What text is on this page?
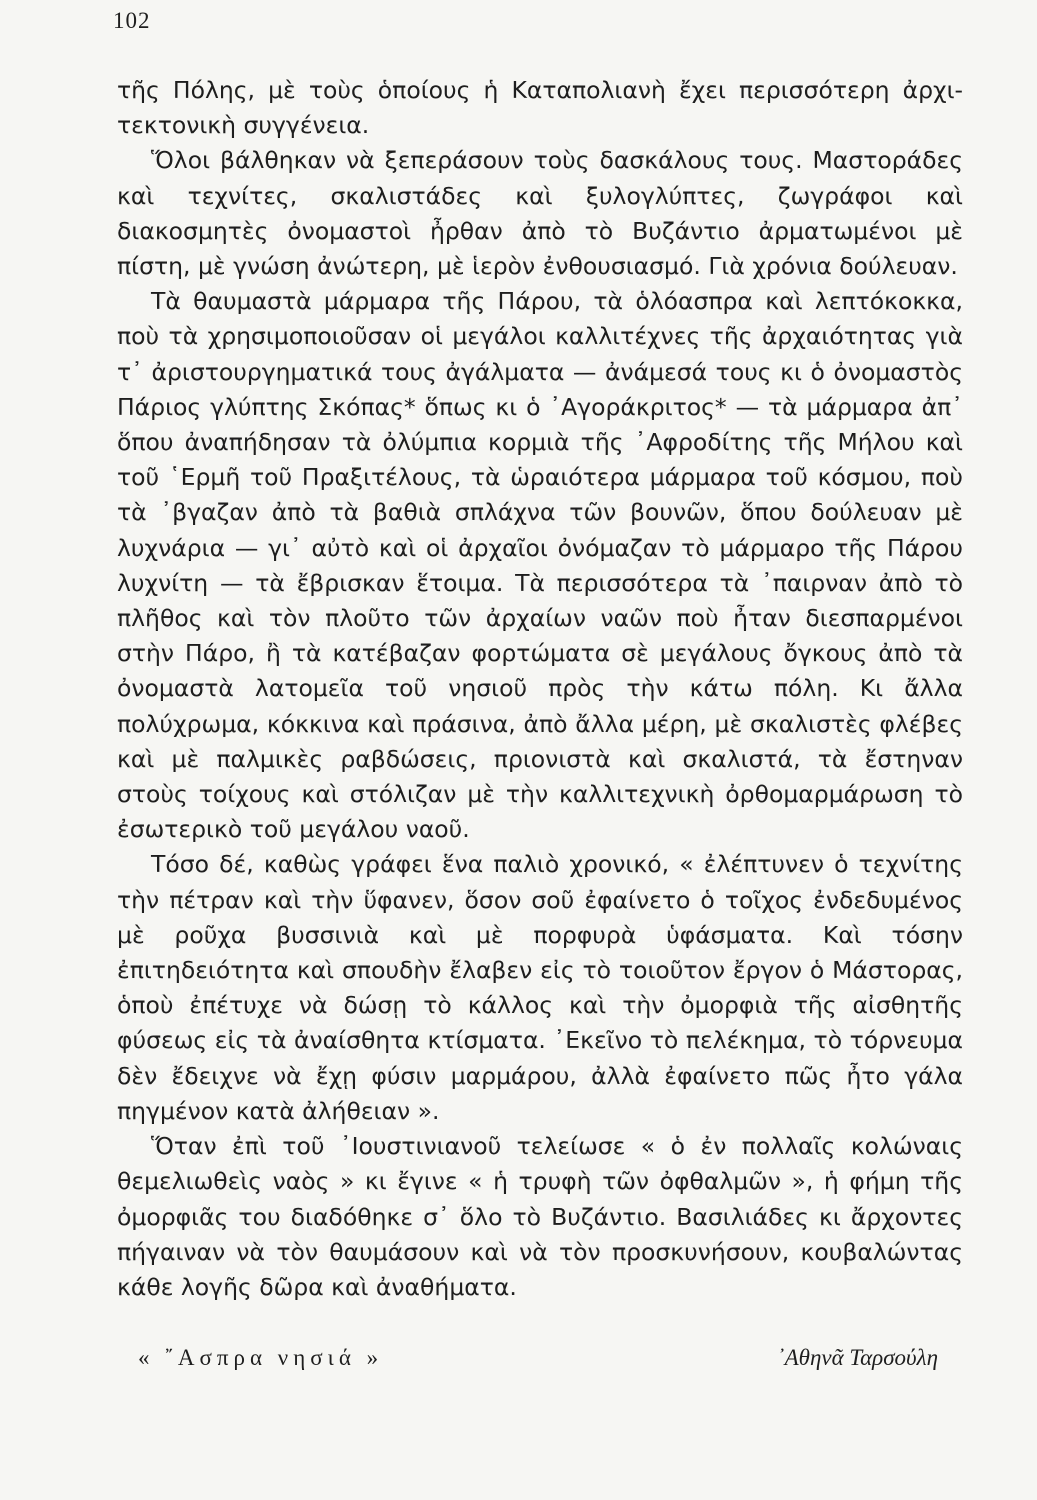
102

τῆς Πόλης, μὲ τοὺς ὁποίους ἡ Καταπολιανὴ ἔχει περισσότερη ἀρχι-τεκτονικὴ συγγένεια.

Ὅλοι βάλθηκαν νὰ ξεπεράσουν τοὺς δασκάλους τους. Μαστοράδες καὶ τεχνίτες, σκαλιστάδες καὶ ξυλογλύπτες, ζωγράφοι καὶ διακοσμητὲς ὀνομαστοὶ ἦρθαν ἀπὸ τὸ Βυζάντιο ἀρματωμένοι μὲ πίστη, μὲ γνώση ἀνώτερη, μὲ ἱερὸν ἐνθουσιασμό. Γιὰ χρόνια δούλευαν.

Τὰ θαυμαστὰ μάρμαρα τῆς Πάρου, τὰ ὁλόασπρα καὶ λεπτόκοκκα, ποὺ τὰ χρησιμοποιοῦσαν οἱ μεγάλοι καλλιτέχνες τῆς ἀρχαιότητας γιὰ τ᾿ ἀριστουργηματικά τους ἀγάλματα — ἀνάμεσά τους κι ὁ ὀνομαστὸς Πάριος γλύπτης Σκόπας* ὅπως κι ὁ ᾿Αγοράκριτος* — τὰ μάρμαρα ἀπ᾿ ὅπου ἀναπήδησαν τὰ ὀλύμπια κορμιὰ τῆς ᾿Αφροδίτης τῆς Μήλου καὶ τοῦ ῾Ερμῆ τοῦ Πραξιτέλους, τὰ ὡραιότερα μάρμαρα τοῦ κόσμου, ποὺ τὰ ᾿βγαζαν ἀπὸ τὰ βαθιὰ σπλάχνα τῶν βουνῶν, ὅπου δούλευαν μὲ λυχνάρια — γι᾿ αὐτὸ καὶ οἱ ἀρχαῖοι ὀνόμαζαν τὸ μάρμαρο τῆς Πάρου λυχνίτη — τὰ ἔβρισκαν ἕτοιμα. Τὰ περισσότερα τὰ ᾿παιρναν ἀπὸ τὸ πλῆθος καὶ τὸν πλοῦτο τῶν ἀρχαίων ναῶν ποὺ ἦταν διεσπαρμένοι στὴν Πάρο, ἢ τὰ κατέβαζαν φορτώματα σὲ μεγάλους ὄγκους ἀπὸ τὰ ὀνομαστὰ λατομεῖα τοῦ νησιοῦ πρὸς τὴν κάτω πόλη. Κι ἄλλα πολύχρωμα, κόκκινα καὶ πράσινα, ἀπὸ ἄλλα μέρη, μὲ σκαλιστὲς φλέβες καὶ μὲ παλμικὲς ραβδώσεις, πριονιστὰ καὶ σκαλιστά, τὰ ἔστηναν στοὺς τοίχους καὶ στόλιζαν μὲ τὴν καλλιτεχνικὴ ὀρθομαρμάρωση τὸ ἐσωτερικὸ τοῦ μεγάλου ναοῦ.

Τόσο δέ, καθὼς γράφει ἕνα παλιὸ χρονικό, « ἐλέπτυνεν ὁ τεχνίτης τὴν πέτραν καὶ τὴν ὕφανεν, ὅσον σοῦ ἐφαίνετο ὁ τοῖχος ἐνδεδυμένος μὲ ροῦχα βυσσινιὰ καὶ μὲ πορφυρὰ ὑφάσματα. Καὶ τόσην ἐπιτηδειότητα καὶ σπουδὴν ἔλαβεν εἰς τὸ τοιοῦτον ἔργον ὁ Μάστορας, ὁποὺ ἐπέτυχε νὰ δώσῃ τὸ κάλλος καὶ τὴν ὀμορφιὰ τῆς αἰσθητῆς φύσεως εἰς τὰ ἀναίσθητα κτίσματα. ᾿Εκεῖνο τὸ πελέκημα, τὸ τόρνευμα δὲν ἔδειχνε νὰ ἔχῃ φύσιν μαρμάρου, ἀλλὰ ἐφαίνετο πῶς ἦτο γάλα πηγμένον κατὰ ἀλήθειαν ».

Ὅταν ἐπὶ τοῦ ᾿Ιουστινιανοῦ τελείωσε « ὁ ἐν πολλαῖς κολώναις θεμελιωθεὶς ναὸς » κι ἔγινε « ἡ τρυφὴ τῶν ὀφθαλμῶν », ἡ φήμη τῆς ὀμορφιᾶς του διαδόθηκε σ᾿ ὅλο τὸ Βυζάντιο. Βασιλιάδες κι ἄρχοντες πήγαιναν νὰ τὸν θαυμάσουν καὶ νὰ τὸν προσκυνήσουν, κουβαλώντας κάθε λογῆς δῶρα καὶ ἀναθήματα.

« ῎Ασπρα νησιά »	᾿Αθηνᾶ Ταρσούλη
